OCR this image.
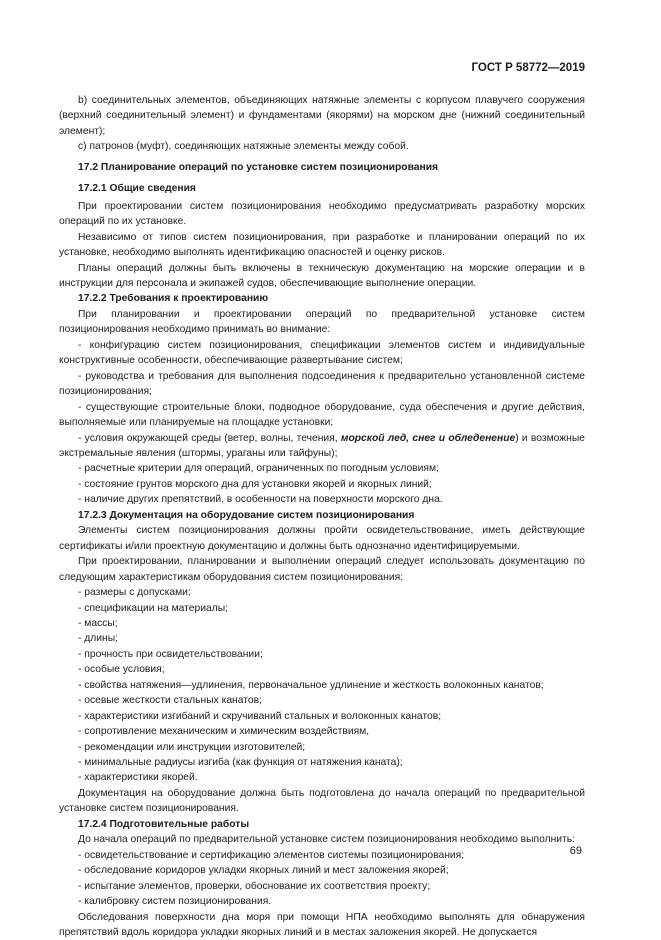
ГОСТ Р 58772—2019

b) соединительных элементов, объединяющих натяжные элементы с корпусом плавучего сооружения (верхний соединительный элемент) и фундаментами (якорями) на морском дне (нижний соединительный элемент);

c) патронов (муфт), соединяющих натяжные элементы между собой.

17.2 Планирование операций по установке систем позиционирования

17.2.1 Общие сведения

При проектировании систем позиционирования необходимо предусматривать разработку морских операций по их установке.

Независимо от типов систем позиционирования, при разработке и планировании операций по их установке, необходимо выполнять идентификацию опасностей и оценку рисков.

Планы операций должны быть включены в техническую документацию на морские операции и в инструкции для персонала и экипажей судов, обеспечивающие выполнение операции.

17.2.2 Требования к проектированию

При планировании и проектировании операций по предварительной установке систем позиционирования необходимо принимать во внимание:

- конфигурацию систем позиционирования, спецификации элементов систем и индивидуальные конструктивные особенности, обеспечивающие развертывание систем;

- руководства и требования для выполнения подсоединения к предварительно установленной системе позиционирования;

- существующие строительные блоки, подводное оборудование, суда обеспечения и другие действия, выполняемые или планируемые на площадке установки;

- условия окружающей среды (ветер, волны, течения, морской лед, снег и обледенение) и возможные экстремальные явления (штормы, ураганы или тайфуны);

- расчетные критерии для операций, ограниченных по погодным условиям;

- состояние грунтов морского дна для установки якорей и якорных линий;

- наличие других препятствий, в особенности на поверхности морского дна.

17.2.3 Документация на оборудование систем позиционирования

Элементы систем позиционирования должны пройти освидетельствование, иметь действующие сертификаты и/или проектную документацию и должны быть однозначно идентифицируемыми.

При проектировании, планировании и выполнении операций следует использовать документацию по следующим характеристикам оборудования систем позиционирования:

- размеры с допусками;

- спецификации на материалы;

- массы;

- длины;

- прочность при освидетельствовании;

- особые условия;

- свойства натяжения—удлинения, первоначальное удлинение и жесткость волоконных канатов;

- осевые жесткости стальных канатов;

- характеристики изгибаний и скручиваний стальных и волоконных канатов;

- сопротивление механическим и химическим воздействиям,

- рекомендации или инструкции изготовителей;

- минимальные радиусы изгиба (как функция от натяжения каната);

- характеристики якорей.

Документация на оборудование должна быть подготовлена до начала операций по предварительной установке систем позиционирования.

17.2.4 Подготовительные работы

До начала операций по предварительной установке систем позиционирования необходимо выполнить:

- освидетельствование и сертификацию элементов системы позиционирования;

- обследование коридоров укладки якорных линий и мест заложения якорей;

- испытание элементов, проверки, обоснование их соответствия проекту;

- калибровку систем позиционирования.

Обследования поверхности дна моря при помощи НПА необходимо выполнять для обнаружения препятствий вдоль коридора укладки якорных линий и в местах заложения якорей. Не допускается

69
